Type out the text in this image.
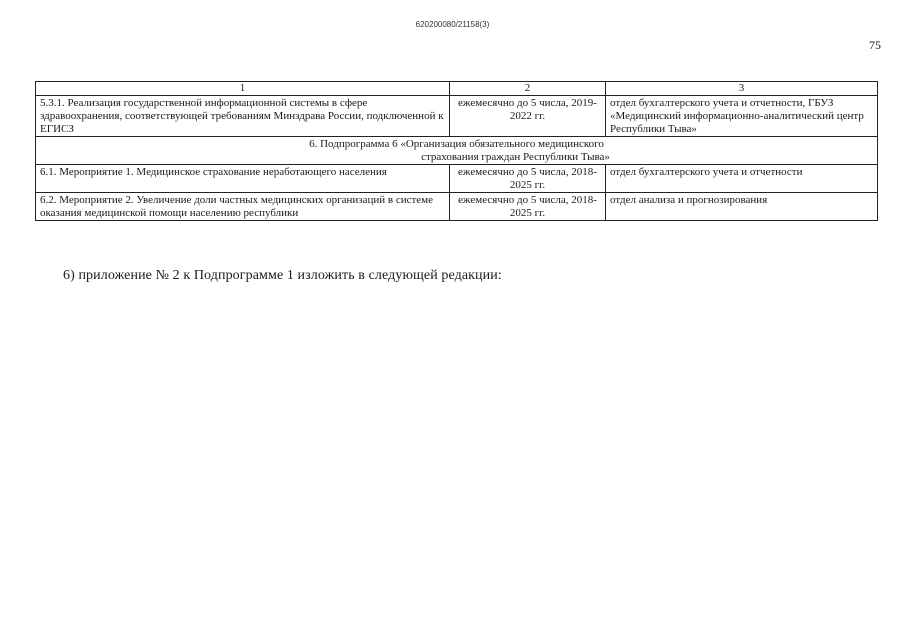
620200080/21158(3)
75
1	2	3
5.3.1. Реализация государственной информационной системы в сфере здравоохранения, соответствующей требованиям Минздрава России, подключенной к ЕГИСЗ	ежемесячно до 5 числа, 2019-2022 гг.	отдел бухгалтерского учета и отчетности, ГБУЗ «Медицинский информационно-аналитический центр Республики Тыва»

6. Подпрограмма 6 «Организация обязательного медицинского
страхования граждан Республики Тыва»		

6.1. Мероприятие 1. Медицинское страхование неработающего населения	ежемесячно до 5 числа, 2018-2025 гг.	отдел бухгалтерского учета и отчетности
6.2. Мероприятие 2. Увеличение доли частных медицинских организаций в системе оказания медицинской помощи населению республики	ежемесячно до 5 числа, 2018-2025 гг.	отдел анализа и прогнозирования
6) приложение № 2 к Подпрограмме 1 изложить в следующей редакции:
